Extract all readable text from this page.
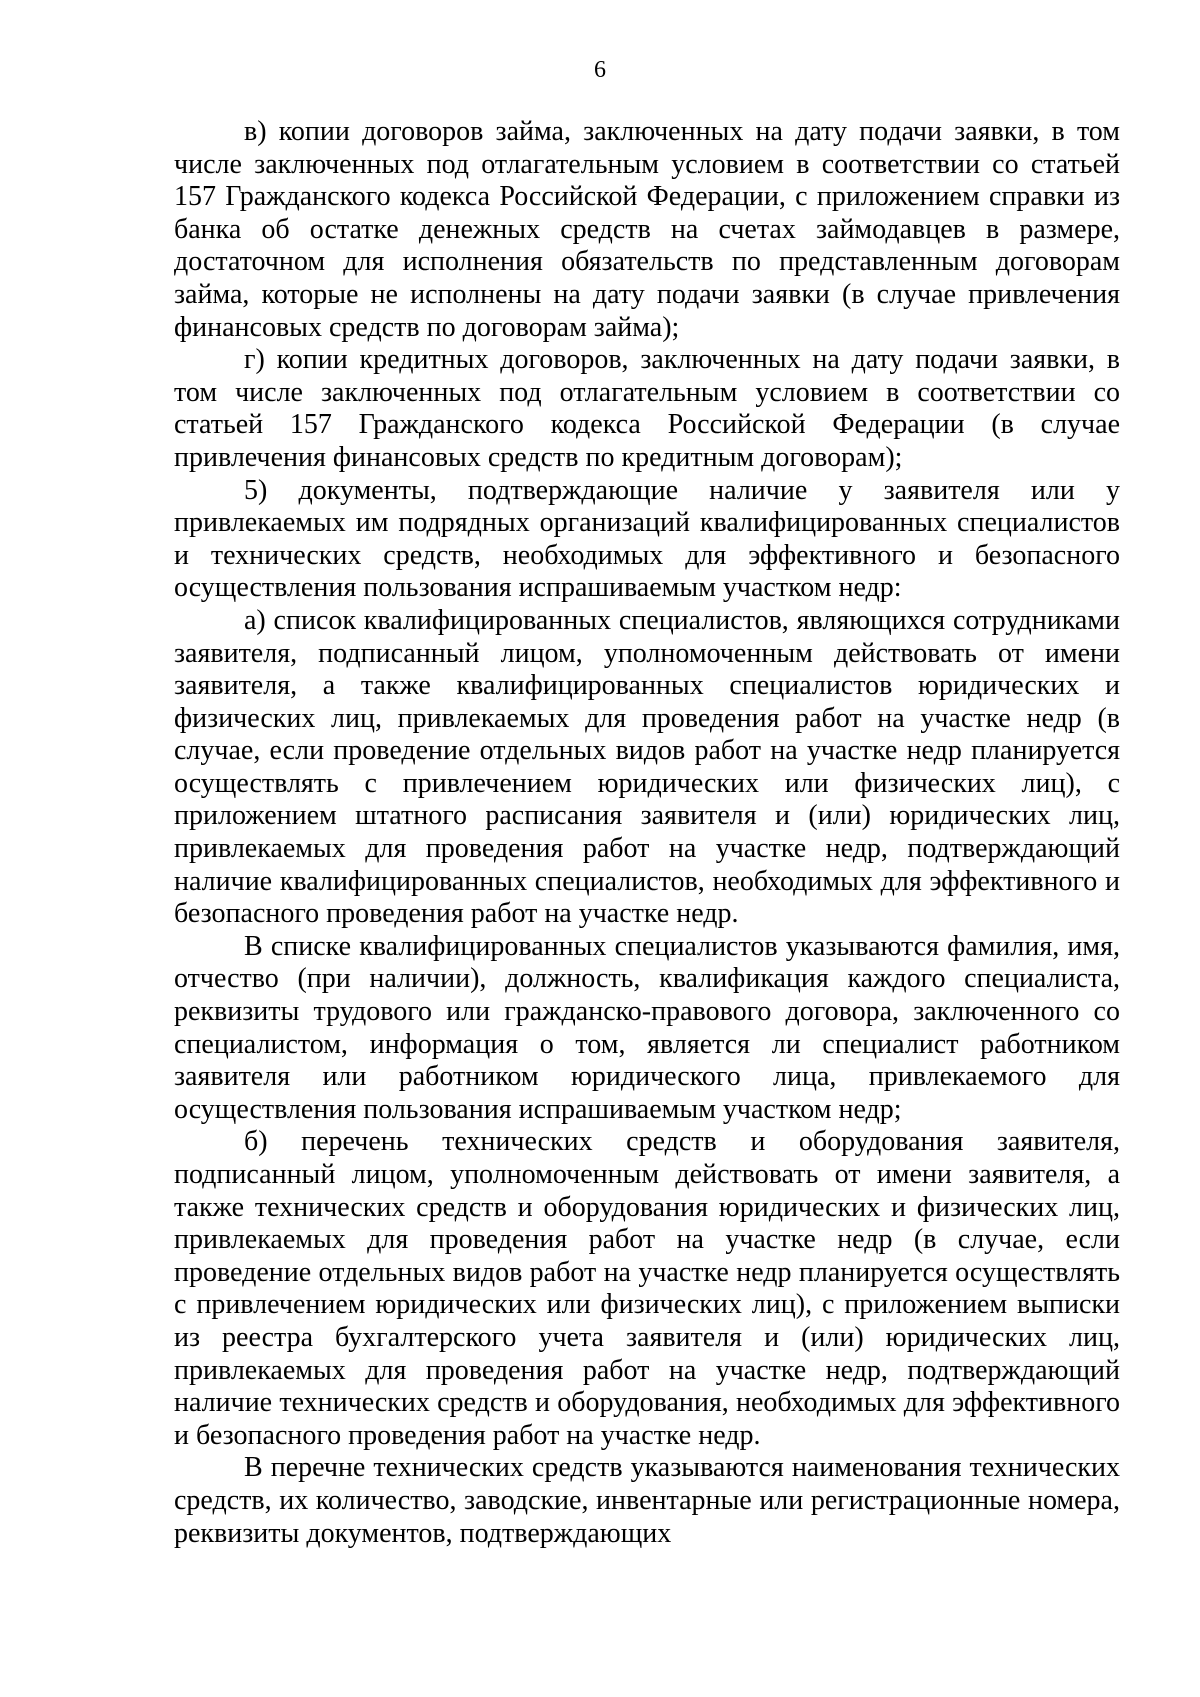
6

в) копии договоров займа, заключенных на дату подачи заявки, в том числе заключенных под отлагательным условием в соответствии со статьей 157 Гражданского кодекса Российской Федерации, с приложением справки из банка об остатке денежных средств на счетах займодавцев в размере, достаточном для исполнения обязательств по представленным договорам займа, которые не исполнены на дату подачи заявки (в случае привлечения финансовых средств по договорам займа);

г) копии кредитных договоров, заключенных на дату подачи заявки, в том числе заключенных под отлагательным условием в соответствии со статьей 157 Гражданского кодекса Российской Федерации (в случае привлечения финансовых средств по кредитным договорам);

5) документы, подтверждающие наличие у заявителя или у привлекаемых им подрядных организаций квалифицированных специалистов и технических средств, необходимых для эффективного и безопасного осуществления пользования испрашиваемым участком недр:

а) список квалифицированных специалистов, являющихся сотрудниками заявителя, подписанный лицом, уполномоченным действовать от имени заявителя, а также квалифицированных специалистов юридических и физических лиц, привлекаемых для проведения работ на участке недр (в случае, если проведение отдельных видов работ на участке недр планируется осуществлять с привлечением юридических или физических лиц), с приложением штатного расписания заявителя и (или) юридических лиц, привлекаемых для проведения работ на участке недр, подтверждающий наличие квалифицированных специалистов, необходимых для эффективного и безопасного проведения работ на участке недр.

В списке квалифицированных специалистов указываются фамилия, имя, отчество (при наличии), должность, квалификация каждого специалиста, реквизиты трудового или гражданско-правового договора, заключенного со специалистом, информация о том, является ли специалист работником заявителя или работником юридического лица, привлекаемого для осуществления пользования испрашиваемым участком недр;

б) перечень технических средств и оборудования заявителя, подписанный лицом, уполномоченным действовать от имени заявителя, а также технических средств и оборудования юридических и физических лиц, привлекаемых для проведения работ на участке недр (в случае, если проведение отдельных видов работ на участке недр планируется осуществлять с привлечением юридических или физических лиц), с приложением выписки из реестра бухгалтерского учета заявителя и (или) юридических лиц, привлекаемых для проведения работ на участке недр, подтверждающий наличие технических средств и оборудования, необходимых для эффективного и безопасного проведения работ на участке недр.

В перечне технических средств указываются наименования технических средств, их количество, заводские, инвентарные или регистрационные номера, реквизиты документов, подтверждающих
